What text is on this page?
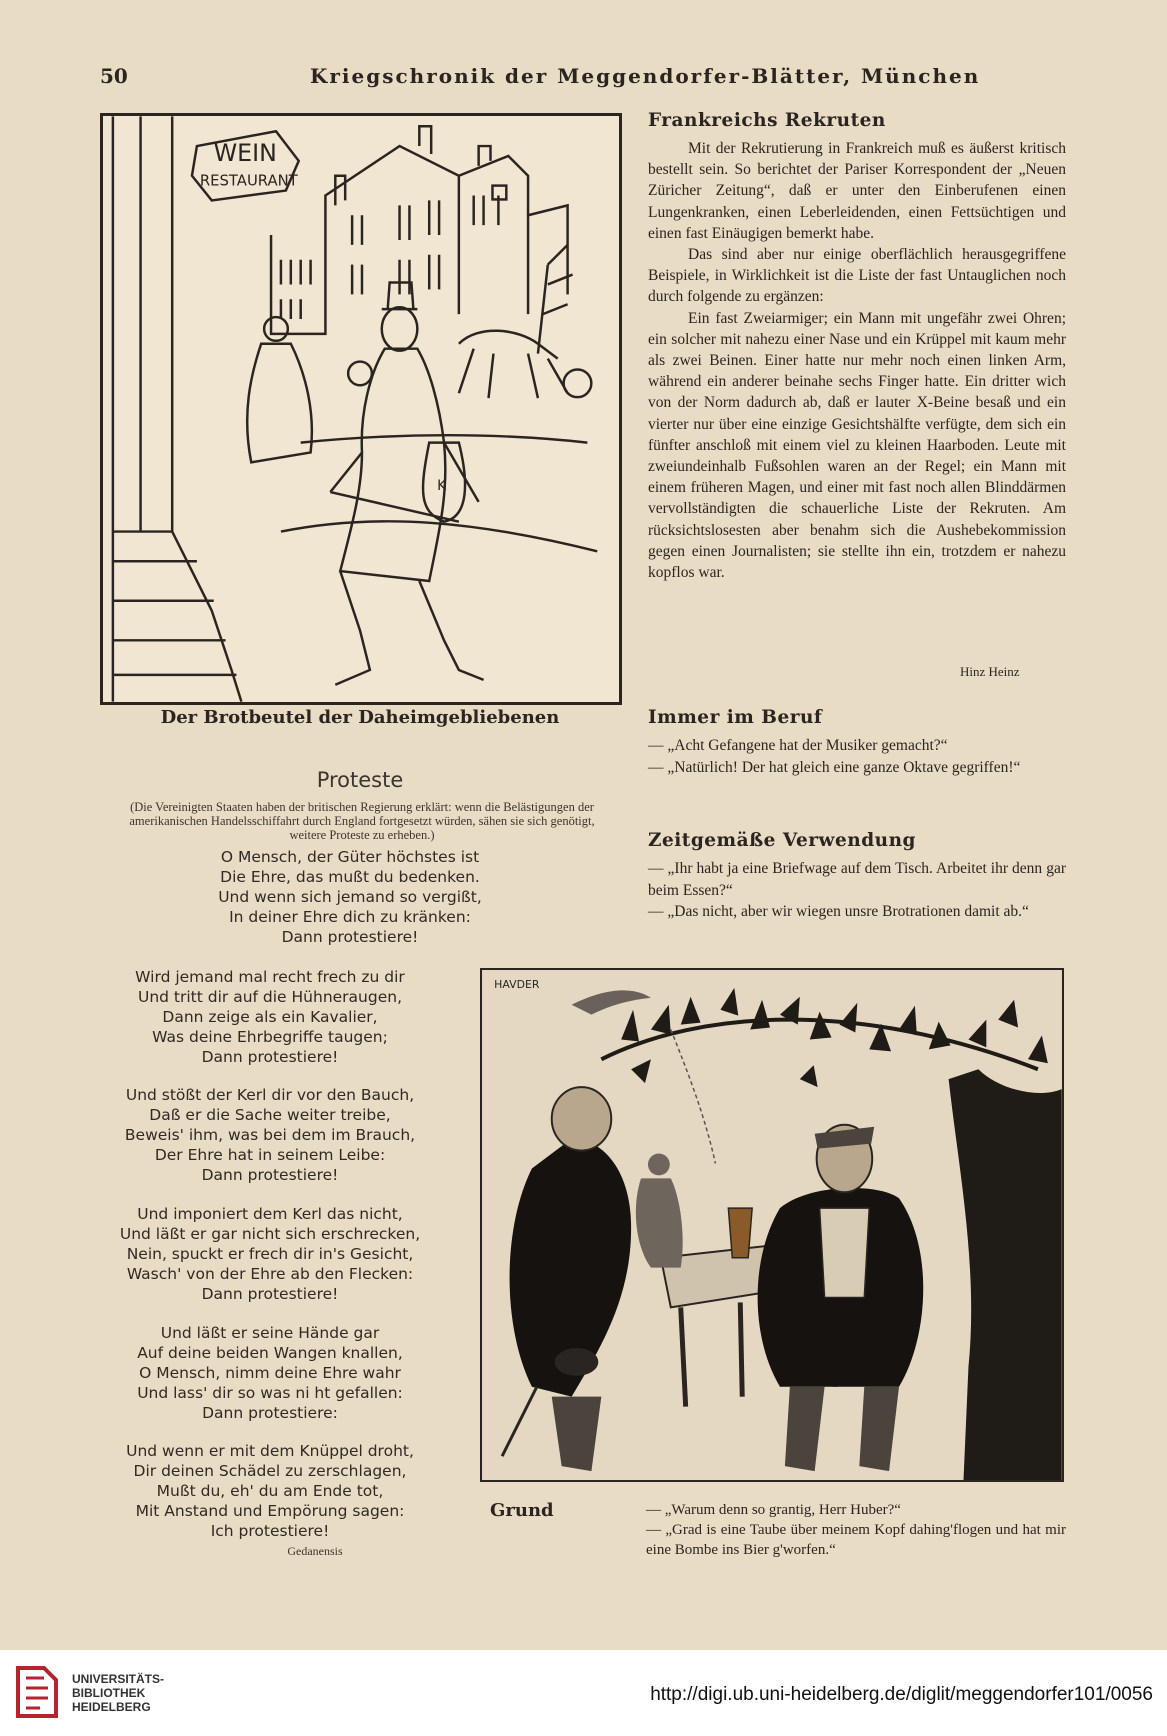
50	Kriegschronik der Meggendorfer-Blätter, München
WEIN
RESTAURANT
K
Der Brotbeutel der Daheimgebliebenen
Proteste
(Die Vereinigten Staaten haben der britischen Regierung erklärt: wenn die Belästigungen der amerikanischen Handelsschiffahrt durch England fortgesetzt würden, sähen sie sich genötigt, weitere Proteste zu erheben.)
O Mensch, der Güter höchstes ist
Die Ehre, das mußt du bedenken.
Und wenn sich jemand so vergißt,
In deiner Ehre dich zu kränken:
Dann protestiere!
Wird jemand mal recht frech zu dir
Und tritt dir auf die Hühneraugen,
Dann zeige als ein Kavalier,
Was deine Ehrbegriffe taugen;
Dann protestiere!
Und stößt der Kerl dir vor den Bauch,
Daß er die Sache weiter treibe,
Beweis' ihm, was bei dem im Brauch,
Der Ehre hat in seinem Leibe:
Dann protestiere!
Und imponiert dem Kerl das nicht,
Und läßt er gar nicht sich erschrecken,
Nein, spuckt er frech dir in's Gesicht,
Wasch' von der Ehre ab den Flecken:
Dann protestiere!
Und läßt er seine Hände gar
Auf deine beiden Wangen knallen,
O Mensch, nimm deine Ehre wahr
Und lass' dir so was ni ht gefallen:
Dann protestiere:
Und wenn er mit dem Knüppel droht,
Dir deinen Schädel zu zerschlagen,
Mußt du, eh' du am Ende tot,
Mit Anstand und Empörung sagen:
Ich protestiere!
Gedanensis
Frankreichs Rekruten

Mit der Rekrutierung in Frankreich muß es äußerst kritisch bestellt sein. So berichtet der Pariser Korrespondent der „Neuen Züricher Zeitung“, daß er unter den Einberufenen einen Lungenkranken, einen Leberleidenden, einen Fettsüchtigen und einen fast Einäugigen bemerkt habe.

Das sind aber nur einige oberflächlich herausgegriffene Beispiele, in Wirklichkeit ist die Liste der fast Untauglichen noch durch folgende zu ergänzen:

Ein fast Zweiarmiger; ein Mann mit ungefähr zwei Ohren; ein solcher mit nahezu einer Nase und ein Krüppel mit kaum mehr als zwei Beinen. Einer hatte nur mehr noch einen linken Arm, während ein anderer beinahe sechs Finger hatte. Ein dritter wich von der Norm dadurch ab, daß er lauter X-Beine besaß und ein vierter nur über eine einzige Gesichtshälfte verfügte, dem sich ein fünfter anschloß mit einem viel zu kleinen Haarboden. Leute mit zweiundeinhalb Fußsohlen waren an der Regel; ein Mann mit einem früheren Magen, und einer mit fast noch allen Blinddärmen vervollständigten die schauerliche Liste der Rekruten. Am rücksichtslosesten aber benahm sich die Aushebekommission gegen einen Journalisten; sie stellte ihn ein, trotzdem er nahezu kopflos war.

Hinz Heinz
Immer im Beruf

— „Acht Gefangene hat der Musiker gemacht?“

— „Natürlich! Der hat gleich eine ganze Oktave gegriffen!“

Zeitgemäße Verwendung

— „Ihr habt ja eine Briefwage auf dem Tisch. Arbeitet ihr denn gar beim Essen?“

— „Das nicht, aber wir wiegen unsre Brotrationen damit ab.“

HAVDER
Grund	— „Warum denn so grantig, Herr Huber?“

— „Grad is eine Taube über meinem Kopf dahing'flogen und hat mir eine Bombe ins Bier g'worfen.“

UNIVERSITÄTS-
BIBLIOTHEK
HEIDELBERG
http://digi.ub.uni-heidelberg.de/diglit/meggendorfer101/0056
